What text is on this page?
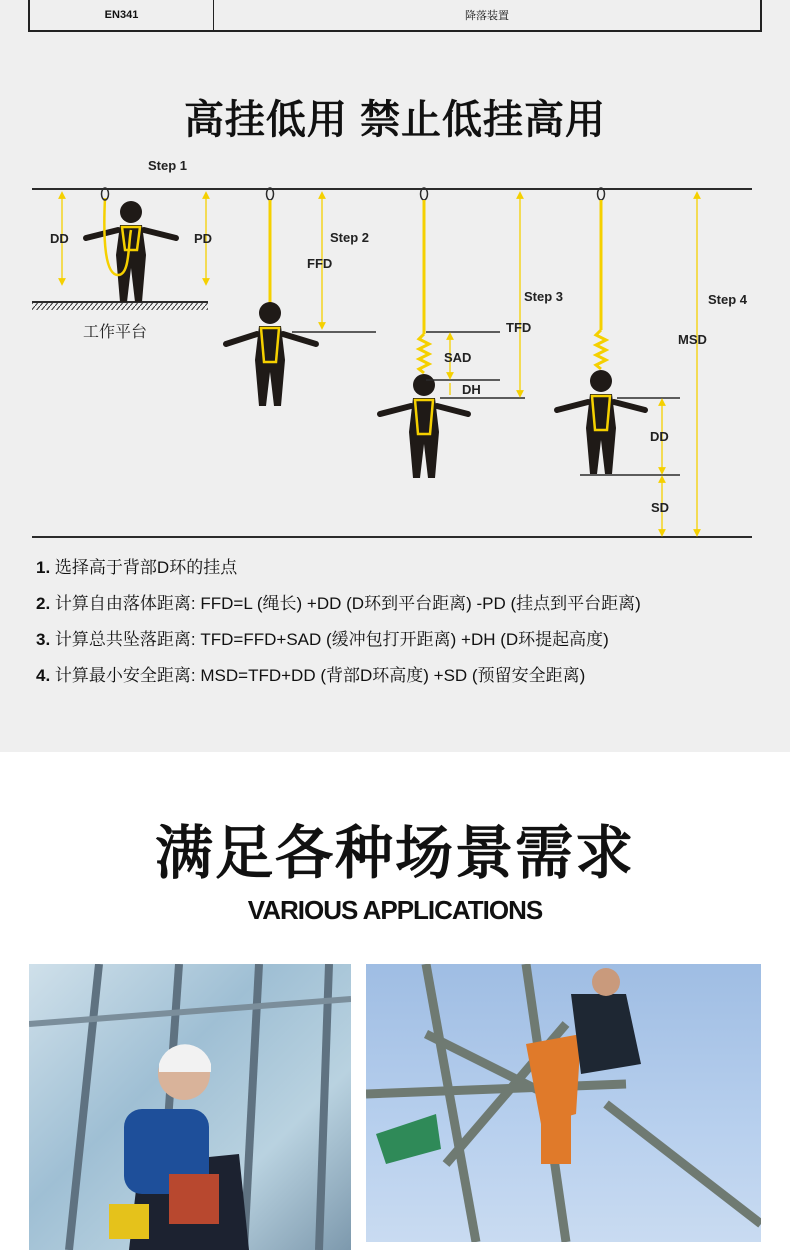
EN341	降落装置
高挂低用 禁止低挂高用
Step 1
Step 2
Step 3	Step 4
DD	PD
FFD
TFD
SAD
DH
MSD
DD
SD
工作平台
1. 选择高于背部D环的挂点
2. 计算自由落体距离: FFD=L (绳长) +DD (D环到平台距离) -PD (挂点到平台距离)
3. 计算总共坠落距离: TFD=FFD+SAD (缓冲包打开距离) +DH (D环提起高度)
4. 计算最小安全距离: MSD=TFD+DD (背部D环高度) +SD (预留安全距离)
满足各种场景需求
VARIOUS APPLICATIONS
